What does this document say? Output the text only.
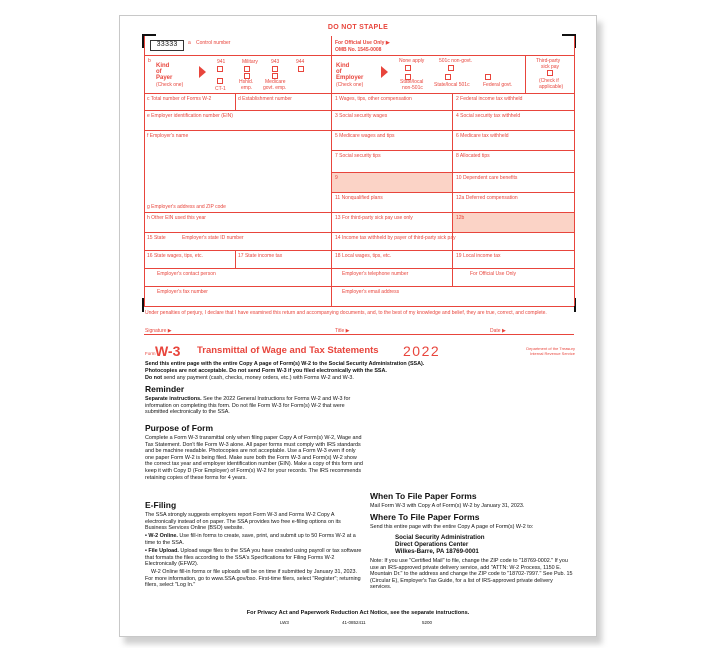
DO NOT STAPLE
33333	a Control number	For Official Use Only ▶
OMB No. 1545-0008
b
Kind
of
Payer
(Check one)
941	Military	943	944
CT-1
Hshld.
emp.
Medicare
govt. emp.
Kind
of
Employer
(Check one)
None apply	501c non-govt.
State/local
non-501c State/local 501c	Federal govt.
Third-party
sick pay
(Check if
applicable)
c Total number of Forms W-2	d Establishment number	1 Wages, tips, other compensation	2 Federal income tax withheld
e Employer identification number (EIN)	3 Social security wages	4 Social security tax withheld
f Employer's name	5 Medicare wages and tips	6 Medicare tax withheld
7 Social security tips	8 Allocated tips
9	10 Dependent care benefits
11 Nonqualified plans	12a Deferred compensation
g Employer's address and ZIP code
h Other EIN used this year	13 For third-party sick pay use only	12b
15 State	Employer's state ID number	14 Income tax withheld by payer of third-party sick pay
16 State wages, tips, etc.	17 State income tax	18 Local wages, tips, etc.	19 Local income tax
Employer's contact person	Employer's telephone number	For Official Use Only
Employer's fax number	Employer's email address
Under penalties of perjury, I declare that I have examined this return and accompanying documents, and, to the best of my knowledge and belief, they are true, correct, and complete.
Signature ▶	Title ▶	Date ▶
Form W-3 Transmittal of Wage and Tax Statements 2022	Department of the Treasury
Internal Revenue Service
Send this entire page with the entire Copy A page of Form(s) W-2 to the Social Security Administration (SSA).
Photocopies are not acceptable. Do not send Form W-3 if you filed electronically with the SSA.
Do not send any payment (cash, checks, money orders, etc.) with Forms W-2 and W-3.
Reminder
Separate instructions. See the 2022 General Instructions for Forms W-2 and W-3 for information on completing this form. Do not file Form W-3 for Form(s) W-2 that were submitted electronically to the SSA.
Purpose of Form
Complete a Form W-3 transmittal only when filing paper Copy A of Form(s) W-2, Wage and Tax Statement. Don't file Form W-3 alone. All paper forms must comply with IRS standards and be machine readable. Photocopies are not acceptable. Use a Form W-3 even if only one paper Form W-2 is being filed. Make sure both the Form W-3 and Form(s) W-2 show the correct tax year and employer identification number (EIN). Make a copy of this form and keep it with Copy D (For Employer) of Form(s) W-2 for your records. The IRS recommends retaining copies of these forms for 4 years.
E-Filing

The SSA strongly suggests employers report Form W-3 and Forms W-2 Copy A electronically instead of on paper. The SSA provides two free e-filing options on its Business Services Online (BSO) website.

• W-2 Online. Use fill-in forms to create, save, print, and submit up to 50 Forms W-2 at a time to the SSA.

• File Upload. Upload wage files to the SSA you have created using payroll or tax software that formats the files according to the SSA's Specifications for Filing Forms W-2 Electronically (EFW2).

W-2 Online fill-in forms or file uploads will be on time if submitted by January 31, 2023. For more information, go to www.SSA.gov/bso. First-time filers, select "Register"; returning filers, select "Log In."

When To File Paper Forms
Mail Form W-3 with Copy A of Form(s) W-2 by January 31, 2023.
Where To File Paper Forms
Send this entire page with the entire Copy A page of Form(s) W-2 to:
Social Security Administration
Direct Operations Center
Wilkes-Barre, PA 18769-0001
Note: If you use "Certified Mail" to file, change the ZIP code to "18769-0002." If you use an IRS-approved private delivery service, add "ATTN: W-2 Process, 1150 E. Mountain Dr." to the address and change the ZIP code to "18702-7997." See Pub. 15 (Circular E), Employer's Tax Guide, for a list of IRS-approved private delivery services.
For Privacy Act and Paperwork Reduction Act Notice, see the separate instructions.
LW3	41-0852411	5200
